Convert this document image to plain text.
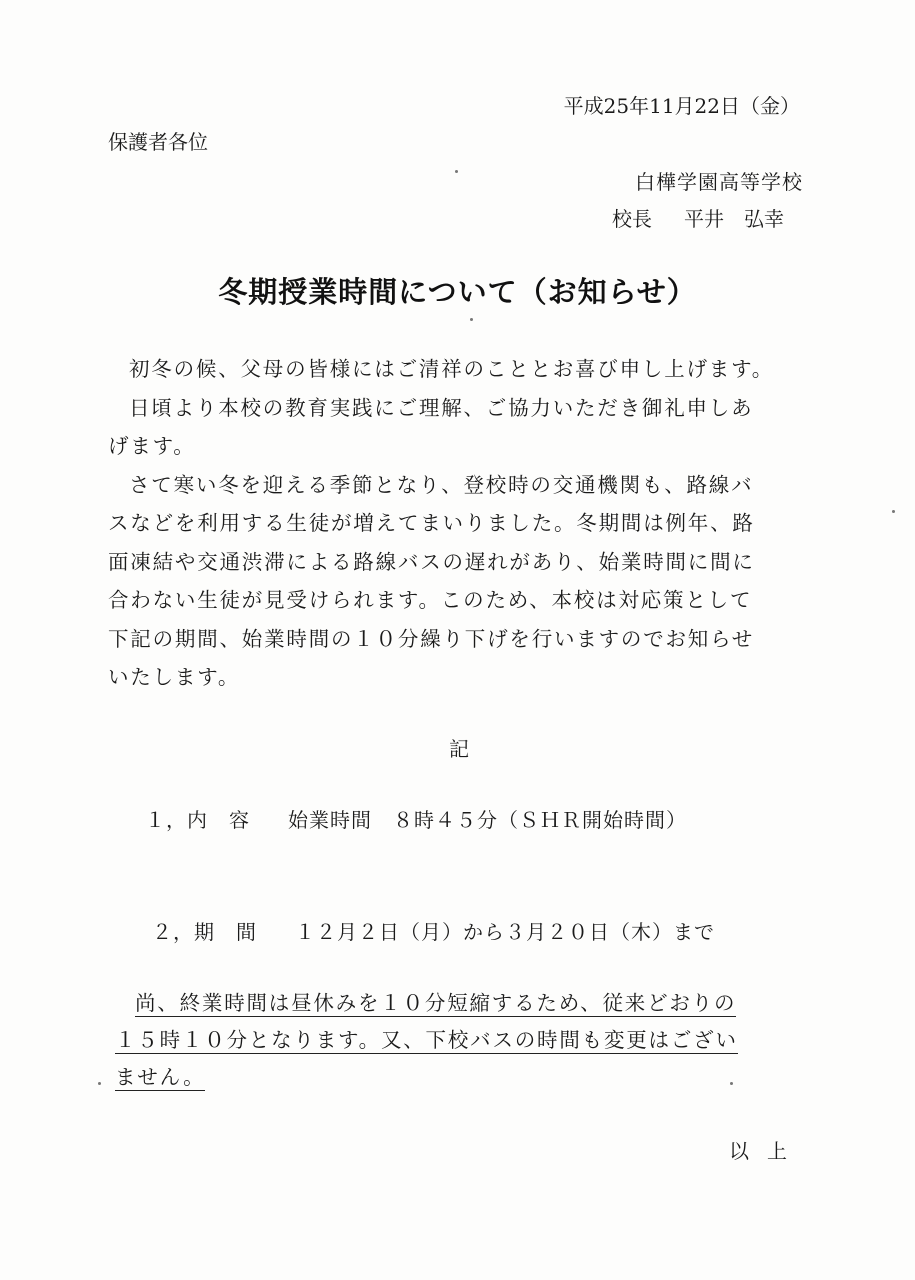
平成25年11月22日（金）
保護者各位
白樺学園高等学校
校長 平井　弘幸
冬期授業時間について（お知らせ）

初冬の候、父母の皆様にはご清祥のこととお喜び申し上げます。

日頃より本校の教育実践にご理解、ご協力いただき御礼申しあ

げます。

さて寒い冬を迎える季節となり、登校時の交通機関も、路線バ

スなどを利用する生徒が増えてまいりました。冬期間は例年、路

面凍結や交通渋滞による路線バスの遅れがあり、始業時間に間に

合わない生徒が見受けられます。このため、本校は対応策として

下記の期間、始業時間の１０分繰り下げを行いますのでお知らせ

いたします。

記
１，内　容 始業時間　８時４５分（ＳＨＲ開始時間）
２，期　間 １２月２日（月）から３月２０日（木）まで

尚、終業時間は昼休みを１０分短縮するため、従来どおりの

１５時１０分となります。又、下校バスの時間も変更はござい

ません。

以上
